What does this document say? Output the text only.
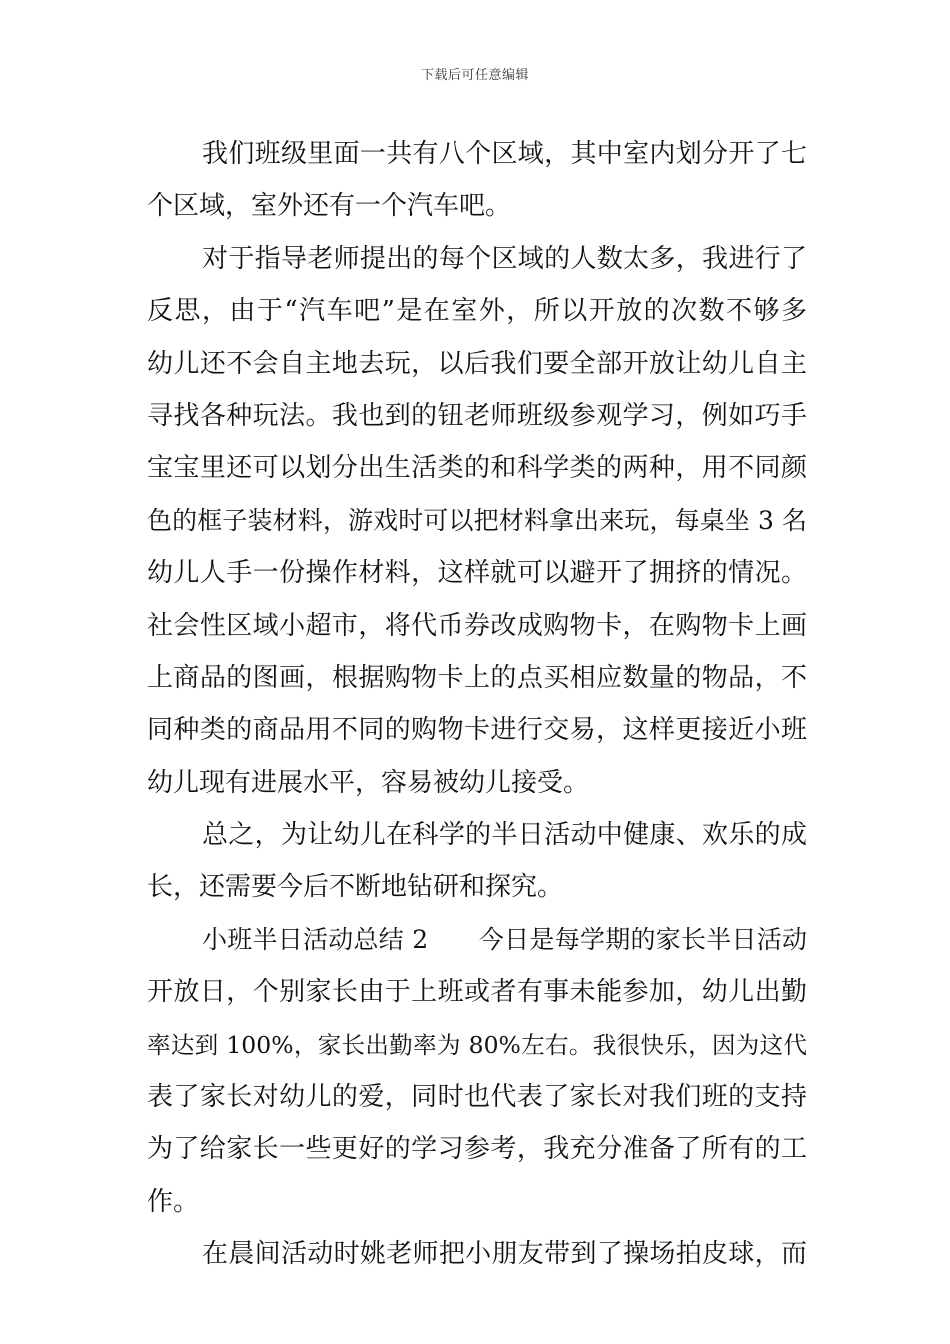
下载后可任意编辑
我们班级里面一共有八个区域，其中室内划分开了七
个区域，室外还有一个汽车吧。
对于指导老师提出的每个区域的人数太多，我进行了
反思，由于“汽车吧”是在室外，所以开放的次数不够多
幼儿还不会自主地去玩，以后我们要全部开放让幼儿自主
寻找各种玩法。我也到的钮老师班级参观学习，例如巧手
宝宝里还可以划分出生活类的和科学类的两种，用不同颜
色的框子装材料，游戏时可以把材料拿出来玩，每桌坐 3 名
幼儿人手一份操作材料，这样就可以避开了拥挤的情况。
社会性区域小超市，将代币券改成购物卡，在购物卡上画
上商品的图画，根据购物卡上的点买相应数量的物品，不
同种类的商品用不同的购物卡进行交易，这样更接近小班
幼儿现有进展水平，容易被幼儿接受。
总之，为让幼儿在科学的半日活动中健康、欢乐的成
长，还需要今后不断地钻研和探究。
小班半日活动总结 2　　今日是每学期的家长半日活动
开放日，个别家长由于上班或者有事未能参加，幼儿出勤
率达到 100%，家长出勤率为 80%左右。我很快乐，因为这代
表了家长对幼儿的爱，同时也代表了家长对我们班的支持
为了给家长一些更好的学习参考，我充分准备了所有的工
作。
在晨间活动时姚老师把小朋友带到了操场拍皮球，而
